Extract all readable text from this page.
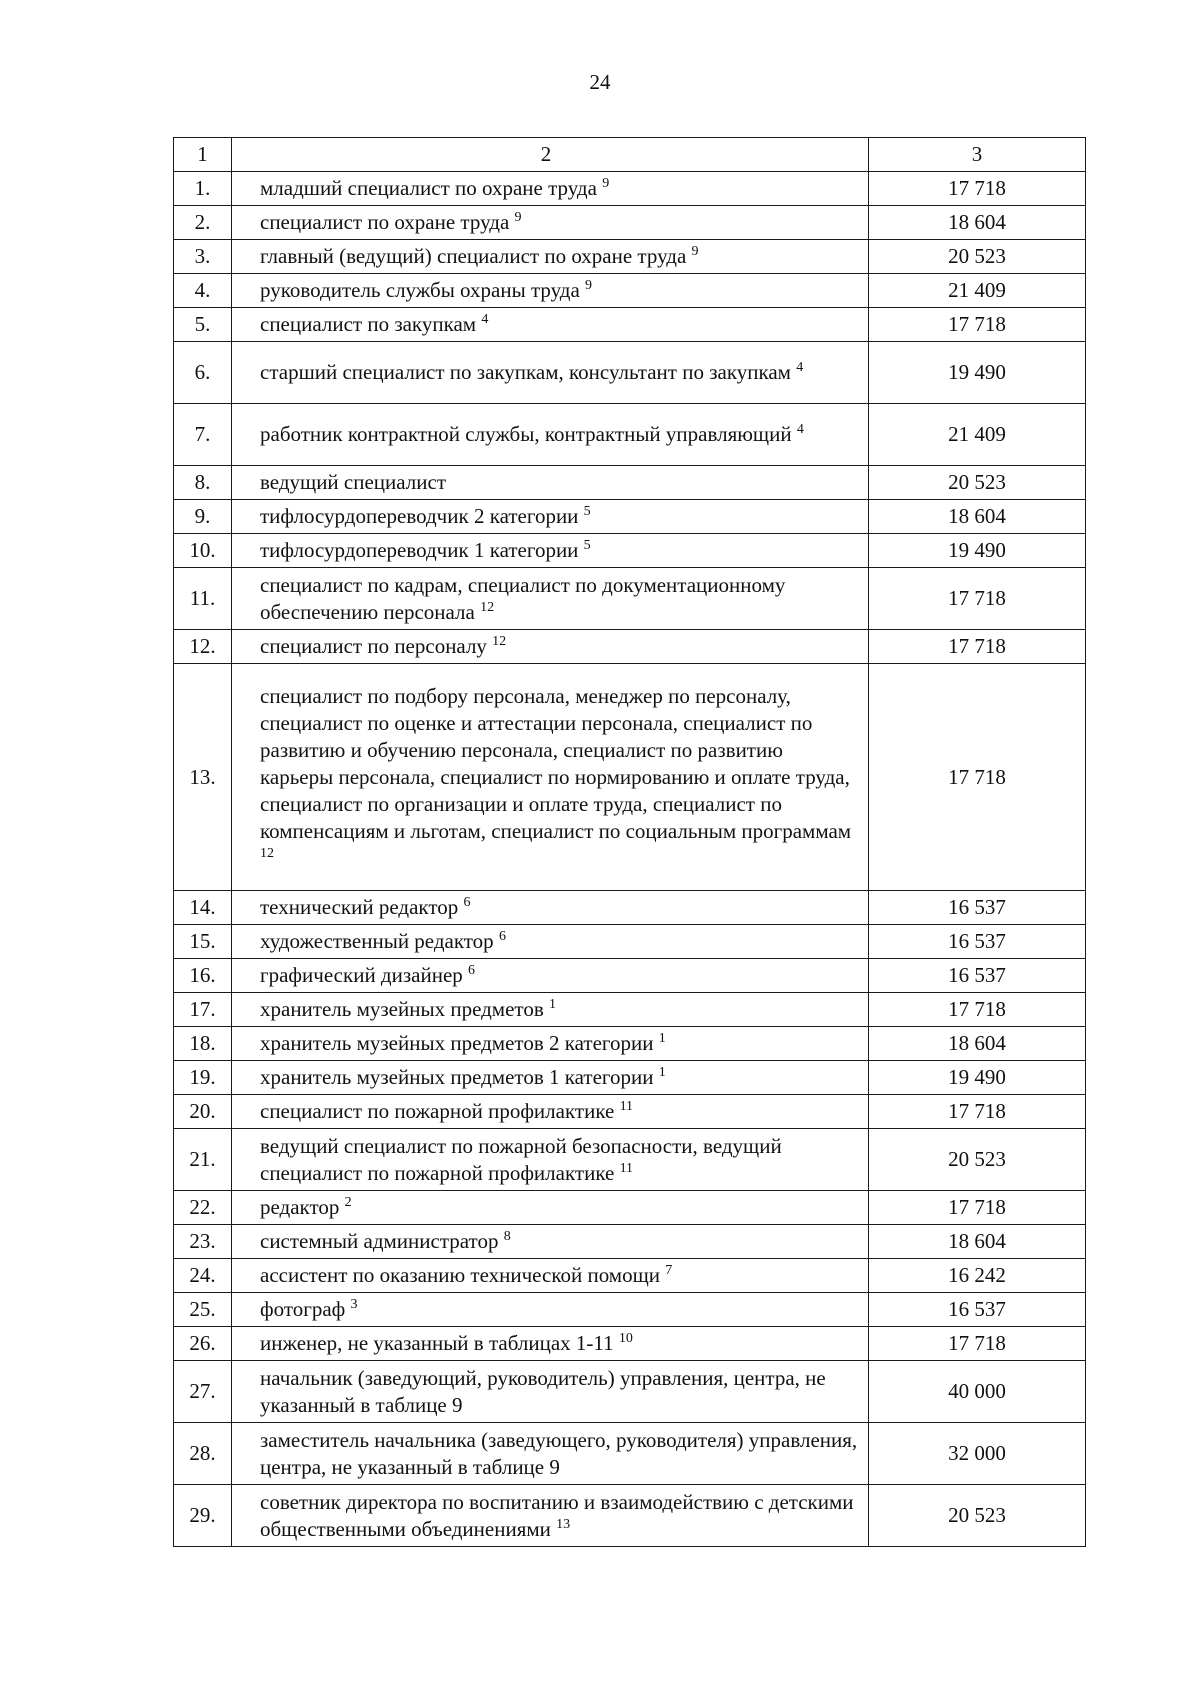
24
1	2	3
1.	младший специалист по охране труда $^9$	17 718
2.	специалист по охране труда $^9$	18 604
3.	главный (ведущий) специалист по охране труда $^9$	20 523
4.	руководитель службы охраны труда $^9$	21 409
5.	специалист по закупкам $^4$	17 718
6.	старший специалист по закупкам, консультант по закупкам $^4$	19 490
7.	работник контрактной службы, контрактный управляющий $^4$	21 409
8.	ведущий специалист	20 523
9.	тифлосурдопереводчик 2 категории $^5$	18 604
10.	тифлосурдопереводчик 1 категории $^5$	19 490
11.	специалист по кадрам, специалист по документационному обеспечению персонала $^{12}$	17 718
12.	специалист по персоналу $^{12}$	17 718
13.	специалист по подбору персонала, менеджер по персоналу, специалист по оценке и аттестации персонала, специалист по развитию и обучению персонала, специалист по развитию карьеры персонала, специалист по нормированию и оплате труда, специалист по организации и оплате труда, специалист по компенсациям и льготам, специалист по социальным программам $^{12}$	17 718
14.	технический редактор $^6$	16 537
15.	художественный редактор $^6$	16 537
16.	графический дизайнер $^6$	16 537
17.	хранитель музейных предметов $^1$	17 718
18.	хранитель музейных предметов 2 категории $^1$	18 604
19.	хранитель музейных предметов 1 категории $^1$	19 490
20.	специалист по пожарной профилактике $^{11}$	17 718
21.	ведущий специалист по пожарной безопасности, ведущий специалист по пожарной профилактике $^{11}$	20 523
22.	редактор $^2$	17 718
23.	системный администратор $^8$	18 604
24.	ассистент по оказанию технической помощи $^7$	16 242
25.	фотограф $^3$	16 537
26.	инженер, не указанный в таблицах 1-11 $^{10}$	17 718
27.	начальник (заведующий, руководитель) управления, центра, не указанный в таблице 9	40 000
28.	заместитель начальника (заведующего, руководителя) управления, центра, не указанный в таблице 9	32 000
29.	советник директора по воспитанию и взаимодействию с детскими общественными объединениями $^{13}$	20 523
